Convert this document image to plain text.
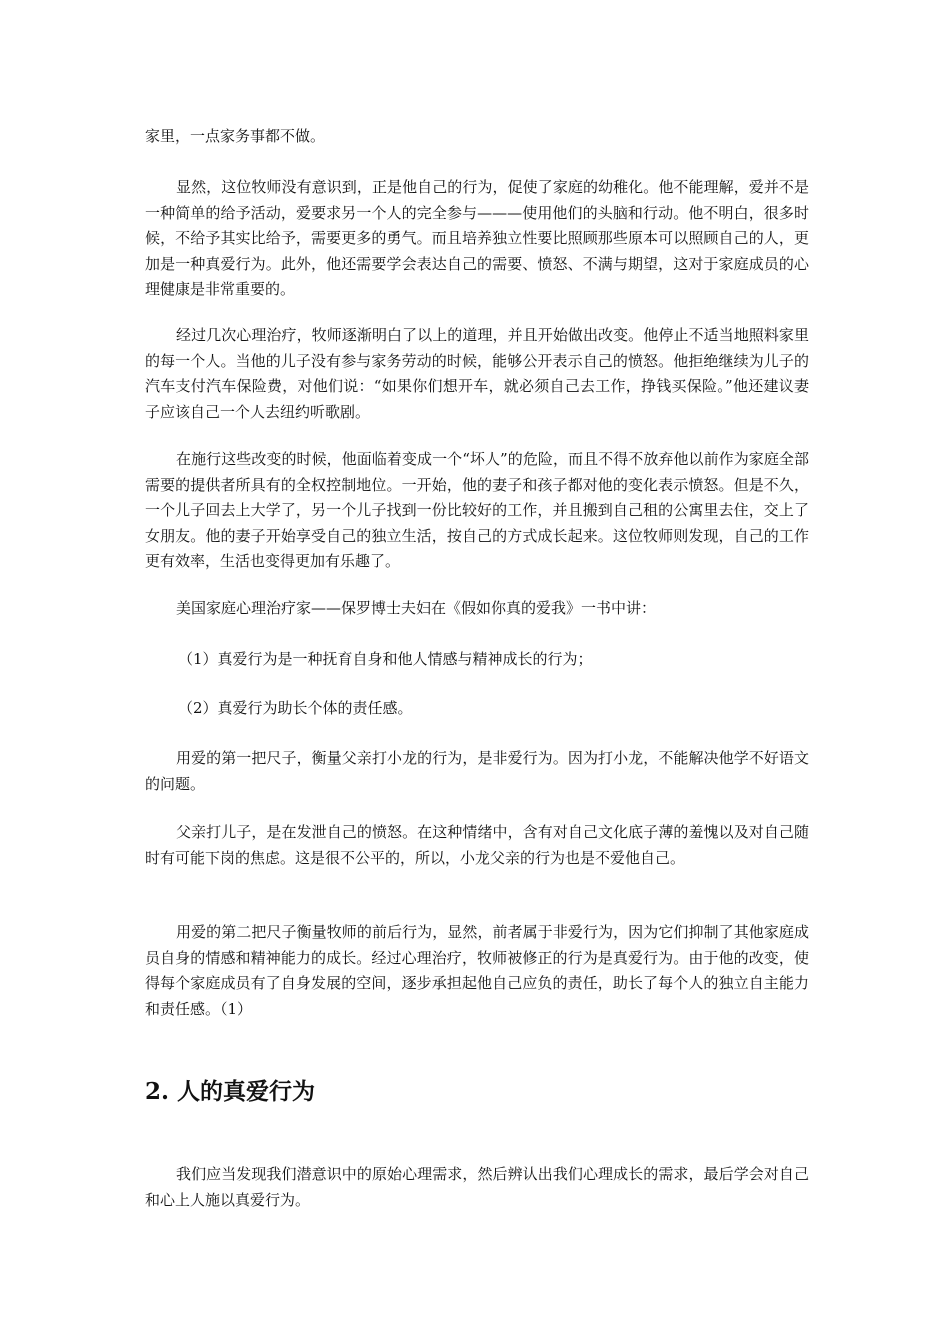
家里，一点家务事都不做。

显然，这位牧师没有意识到，正是他自己的行为，促使了家庭的幼稚化。他不能理解，爱并不是一种简单的给予活动，爱要求另一个人的完全参与———使用他们的头脑和行动。他不明白，很多时候，不给予其实比给予，需要更多的勇气。而且培养独立性要比照顾那些原本可以照顾自己的人，更加是一种真爱行为。此外，他还需要学会表达自己的需要、愤怒、不满与期望，这对于家庭成员的心理健康是非常重要的。

经过几次心理治疗，牧师逐渐明白了以上的道理，并且开始做出改变。他停止不适当地照料家里的每一个人。当他的儿子没有参与家务劳动的时候，能够公开表示自己的愤怒。他拒绝继续为儿子的汽车支付汽车保险费，对他们说：“如果你们想开车，就必须自己去工作，挣钱买保险。”他还建议妻子应该自己一个人去纽约听歌剧。

在施行这些改变的时候，他面临着变成一个“坏人”的危险，而且不得不放弃他以前作为家庭全部需要的提供者所具有的全权控制地位。一开始，他的妻子和孩子都对他的变化表示愤怒。但是不久，一个儿子回去上大学了，另一个儿子找到一份比较好的工作，并且搬到自己租的公寓里去住，交上了女朋友。他的妻子开始享受自己的独立生活，按自己的方式成长起来。这位牧师则发现，自己的工作更有效率，生活也变得更加有乐趣了。

美国家庭心理治疗家——保罗博士夫妇在《假如你真的爱我》一书中讲：

（1）真爱行为是一种抚育自身和他人情感与精神成长的行为；

（2）真爱行为助长个体的责任感。

用爱的第一把尺子，衡量父亲打小龙的行为，是非爱行为。因为打小龙，不能解决他学不好语文的问题。

父亲打儿子，是在发泄自己的愤怒。在这种情绪中，含有对自己文化底子薄的羞愧以及对自己随时有可能下岗的焦虑。这是很不公平的，所以，小龙父亲的行为也是不爱他自己。

用爱的第二把尺子衡量牧师的前后行为，显然，前者属于非爱行为，因为它们抑制了其他家庭成员自身的情感和精神能力的成长。经过心理治疗，牧师被修正的行为是真爱行为。由于他的改变，使得每个家庭成员有了自身发展的空间，逐步承担起他自己应负的责任，助长了每个人的独立自主能力和责任感。（1）

2. 人的真爱行为

我们应当发现我们潜意识中的原始心理需求，然后辨认出我们心理成长的需求，最后学会对自己和心上人施以真爱行为。
